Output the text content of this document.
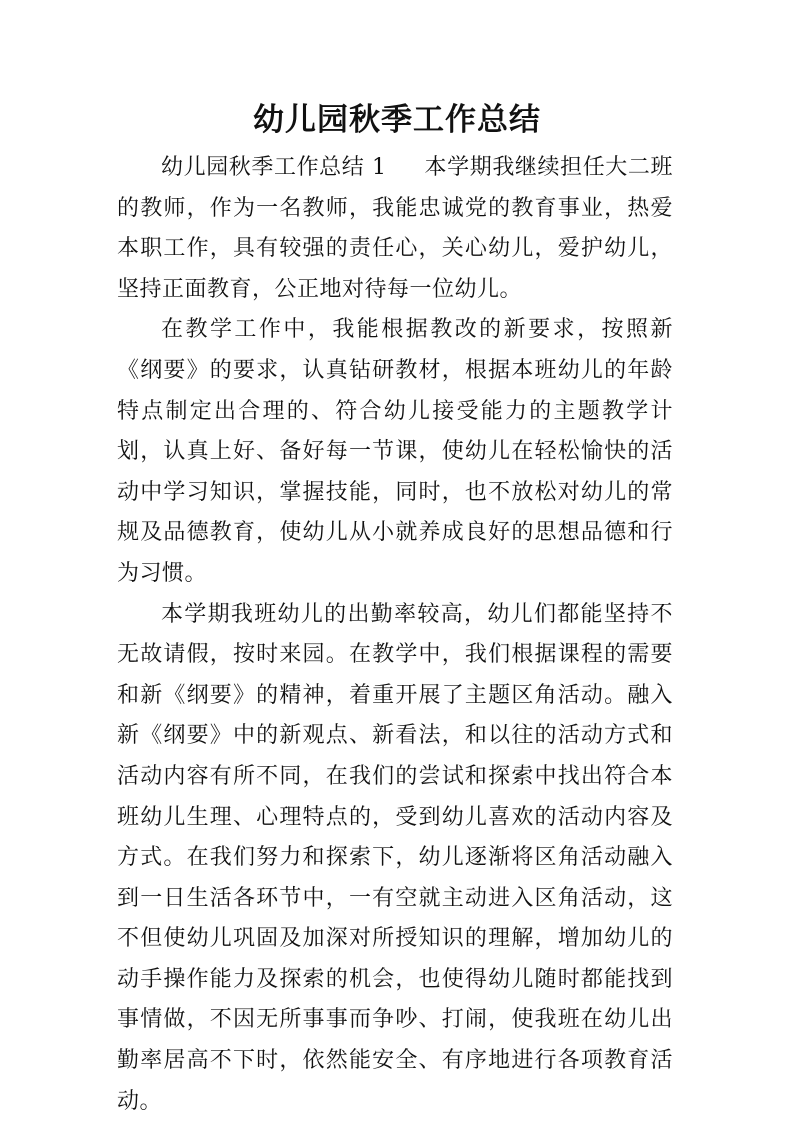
幼儿园秋季工作总结

幼儿园秋季工作总结 1 本学期我继续担任大二班的教师，作为一名教师，我能忠诚党的教育事业，热爱本职工作，具有较强的责任心，关心幼儿，爱护幼儿，坚持正面教育，公正地对待每一位幼儿。

在教学工作中，我能根据教改的新要求，按照新《纲要》的要求，认真钻研教材，根据本班幼儿的年龄特点制定出合理的、符合幼儿接受能力的主题教学计划，认真上好、备好每一节课，使幼儿在轻松愉快的活动中学习知识，掌握技能，同时，也不放松对幼儿的常规及品德教育，使幼儿从小就养成良好的思想品德和行为习惯。

本学期我班幼儿的出勤率较高，幼儿们都能坚持不无故请假，按时来园。在教学中，我们根据课程的需要和新《纲要》的精神，着重开展了主题区角活动。融入新《纲要》中的新观点、新看法，和以往的活动方式和活动内容有所不同，在我们的尝试和探索中找出符合本班幼儿生理、心理特点的，受到幼儿喜欢的活动内容及方式。在我们努力和探索下，幼儿逐渐将区角活动融入到一日生活各环节中，一有空就主动进入区角活动，这不但使幼儿巩固及加深对所授知识的理解，增加幼儿的动手操作能力及探索的机会，也使得幼儿随时都能找到事情做，不因无所事事而争吵、打闹，使我班在幼儿出勤率居高不下时，依然能安全、有序地进行各项教育活动。
